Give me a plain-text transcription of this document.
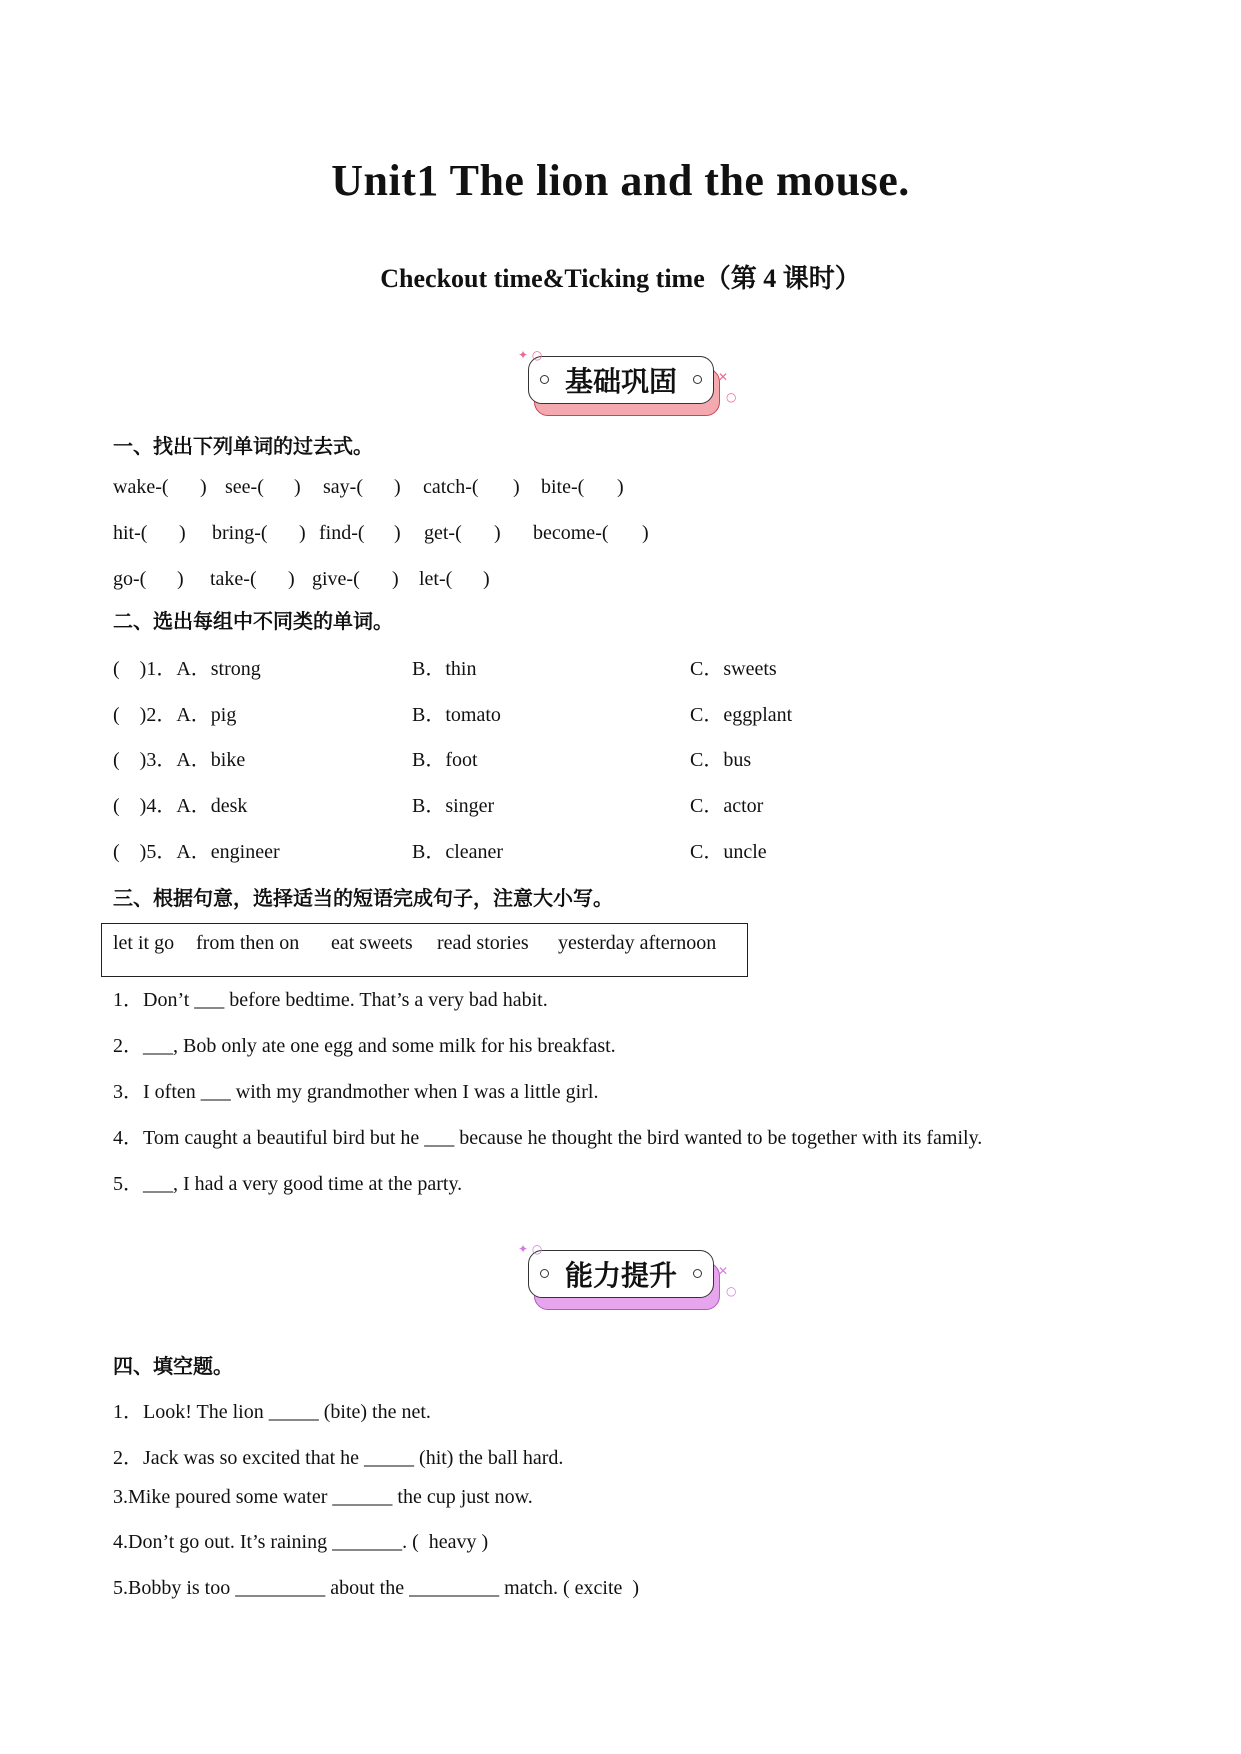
Unit1 The lion and the mouse.
Checkout time&Ticking time（第 4 课时）
基础巩固
✦ ○
✕
○
一、找出下列单词的过去式。
wake-( ) see-( ) say-( ) catch-( ) bite-( )
hit-( ) bring-( ) find-( ) get-( ) become-( )
go-( ) take-( ) give-( ) let-( )
二、选出每组中不同类的单词。
(    )1．A．strong	B．thin	C．sweets
(    )2．A．pig	B．tomato	C．eggplant
(    )3．A．bike	B．foot	C．bus
(    )4．A．desk	B．singer	C．actor
(    )5．A．engineer	B．cleaner	C．uncle
三、根据句意，选择适当的短语完成句子，注意大小写。
let it go from then on eat sweets read stories yesterday afternoon
1．Don’t ___ before bedtime. That’s a very bad habit.
2．___, Bob only ate one egg and some milk for his breakfast.
3．I often ___ with my grandmother when I was a little girl.
4．Tom caught a beautiful bird but he ___ because he thought the bird wanted to be together with its family.
5．___, I had a very good time at the party.
能力提升
✦ ○
✕
○
四、填空题。
1．Look! The lion _____ (bite) the net.
2．Jack was so excited that he _____ (hit) the ball hard.
3.Mike poured some water ______ the cup just now.
4.Don’t go out. It’s raining _______. (  heavy )
5.Bobby is too _________ about the _________ match. ( excite  )
